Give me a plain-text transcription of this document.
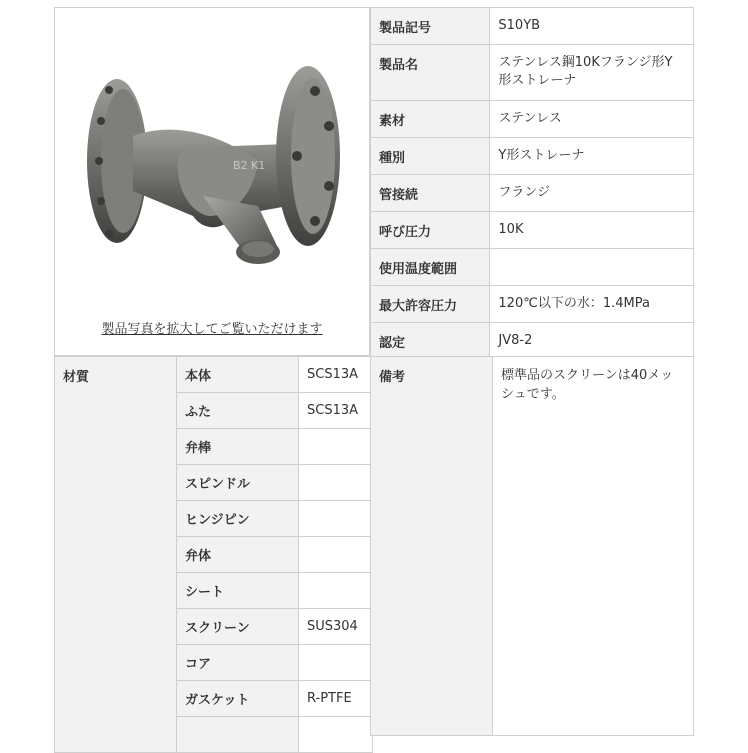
B2 K1
製品写真を拡大してご覧いただけます
製品記号	S10YB
製品名	ステンレス鋼10Kフランジ形Y形ストレーナ
素材	ステンレス
種別	Y形ストレーナ
管接続	フランジ
呼び圧力	10K
使用温度範囲	
最大許容圧力	120℃以下の水：1.4MPa
認定	JV8-2
材質	本体	SCS13A
	ふた	SCS13A
	弁棒	
	スピンドル	
	ヒンジピン	
	弁体	
	シート	
	スクリーン	SUS304
	コア	
	ガスケット	R-PTFE

備考	標準品のスクリーンは40メッシュです。
